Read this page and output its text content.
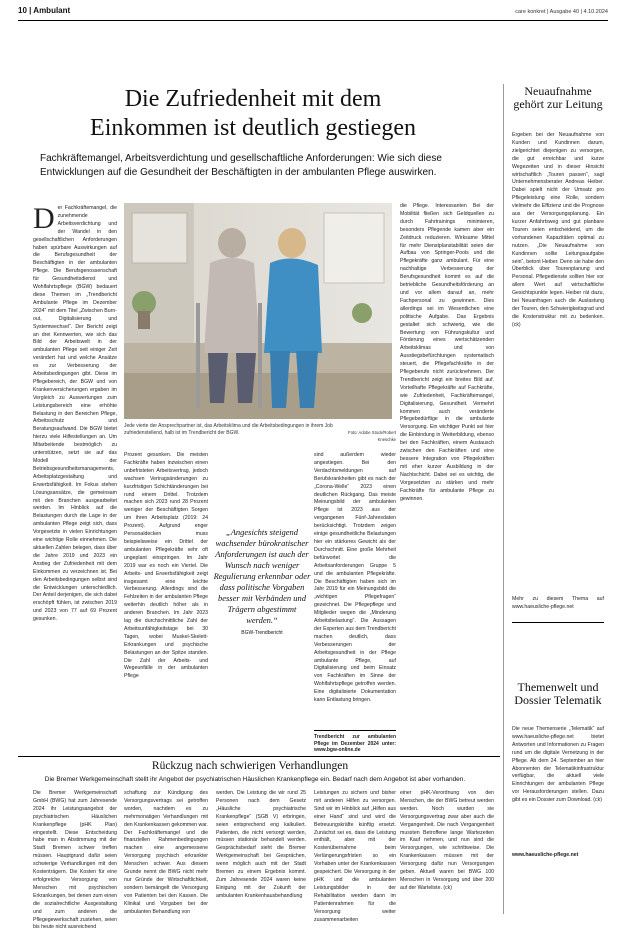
10 | Ambulant	care konkret | Ausgabe 40 | 4.10.2024
Die Zufriedenheit mit dem
Einkommen ist deutlich gestiegen
Fachkräftemangel, Arbeitsverdichtung und gesellschaftliche Anforderungen: Wie sich diese Entwicklungen auf die Gesundheit der Beschäftigten in der ambulanten Pflege auswirken.
Der Fachkräftemangel, die zunehmende Arbeitsverdichtung und der Wandel in den gesellschaftlichen Anforderungen haben spürbare Auswirkungen auf die Berufsgesundheit der Beschäftigten in der ambulanten Pflege. Die Berufsgenossenschaft für Gesundheitsdienst und Wohlfahrtspflege (BGW) bedauert diese Themen im „Trendbericht Ambulante Pflege im Dezember 2024“ mit dem Titel „Zwischen Burn-out, Digitalisierung und Systemwechsel“. Der Bericht zeigt an drei Kennwerten, wie sich das Bild der Arbeitswelt in der ambulanten Pflege seit einiger Zeit verändert hat und welche Ansätze es zur Verbesserung der Arbeitsbedingungen gibt. Diese im Pflegebereich, der BGW und von Krankenversicherungen ergaben im Vergleich zu Auswertungen zum Leistungsbereich eine erhöhte Belastung in den Bereichen Pflege, Arbeitsschutz und Beratungsaufwand. Die BGW bietet hierzu viele Hilfestellungen an. Um Mitarbeitende bestmöglich zu unterstützen, setzt sie auf das Modell der Betriebsgesundheitsmanagements, Arbeitsplatzgestaltung und Erwerbsfähigkeit. Im Fokus stehen Lösungsansätze, die gemeinsam mit den Branchen ausgearbeitet werden. Im Hinblick auf die Belastungen durch die Lage in der ambulanten Pflege zeigt sich, dass Vorgesetzte in vielen Einrichtungen eine wichtige Rolle einnehmen. Die aktuellen Zahlen belegen, dass über die Jahre 2019 und 2023 ein Anstieg der Zufriedenheit mit dem Einkommen zu verzeichnen ist. Bei den Arbeitsbedingungen selbst sind die Entwicklungen unterschiedlich. Der Anteil derjenigen, die sich dabei erschöpft fühlen, ist zwischen 2019 und 2023 von 77 auf 69 Prozent gesunken.
Jede vierte der Ansprechpartner ist, das Arbeitsklima und die Arbeitsbedingungen in ihrem Job zufriedenstellend, halb ist im Trendbericht der BGW.	Foto: Adobe Stock/Robert Kneschke
Prozent gesunken. Die meisten Fachkräfte haben inzwischen einen unbefristeten Arbeitsvertrag, jedoch wachsen Vertragsänderungen zu kurzfristigen Schichtänderungen bei rund einem Drittel. Trotzdem machen sich 2023 rund 28 Prozent weniger der Beschäftigten Sorgen um ihren Arbeitsplatz (2019: 24 Prozent). Aufgrund enger Personaldecken muss beispielsweise ein Drittel der ambulanten Pflegekräfte sehr oft ungeplant einspringen. Im Jahr 2019 war es noch ein Viertel. Die Arbeits- und Erwerbsfähigkeit zeigt insgesamt eine leichte Verbesserung. Allerdings sind die Fehlzeiten in der ambulanten Pflege weiterhin deutlich höher als in anderen Branchen. Im Jahr 2023 lag die durchschnittliche Zahl der Arbeitsunfähigkeitstage bei 30 Tagen, wobei Muskel-Skelett-Erkrankungen und psychische Belastungen an der Spitze standen. Die Zahl der Arbeits- und Wegeunfälle in der ambulanten Pflege
„Angesichts steigend wachsender bürokratischer Anforderungen ist auch der Wunsch nach weniger Regulierung erkennbar oder dass politische Vorgaben besser mit Verbänden und Trägern abgestimmt werden.“
BGW-Trendbericht
sind außerdem wieder angestiegen. Bei den Verdachtsmeldungen auf Berufskrankheiten gibt es nach der „Corona-Welle“ 2023 einen deutlichen Rückgang. Das meiste Meinungsbild der ambulanten Pflege ist 2023 aus der vergangenen Fünf-Jahresdaten berücksichtigt. Trotzdem zeigen einige gesundheitliche Belastungen hier ein stärkeres Gewicht als der Durchschnitt. Eine große Mehrheit befürwortet die Arbeitsanforderungen Gruppe 5 und die ambulanten Pflegekräfte. Die Beschäftigten haben sich im Jahr 2019 für ein Meinungsbild die „wichtigen Pflegefragen“ gezeichnet. Die Pflegepflege und Mitglieder wegen die „Minderung Arbeitsbelastung“. Die Aussagen der Experten aus dem Trendbericht machen deutlich, dass Verbesserungen der Arbeitsgesundheit in der Pflege ambulante Pflege, auf Digitalisierung und beim Einsatz von Fachkräften im Sinne der Wohlfahrtspflege getroffen werden. Eine digitalisierte Dokumentation kann Entlastung bringen.
Trendbericht zur ambulanten Pflege im Dezember 2024 unter: www.bgw-online.de
die Pflege. Interessanten Bei der Mobilität fließen sich Geldquellen zu durch Fahrtrainings minimieren, besonders Pflegende kamen aber ein Zeitdruck reduzieren. Wirksame Mittel für mehr Dienstplanstabilität seien der Aufbau von Springer-Pools und die Pflegekräfte ganz ambulant. Für eine nachhaltige Verbesserung der Berufsgesundheit kommt es auf die betriebliche Gesundheitsförderung an und vor allem darauf an, mehr Fachpersonal zu gewinnen. Dies allerdings sei im Wesentlichen eine politische Aufgabe. Das Ergebnis gestaltet sich schwierig, wie die Bewertung von Führungskultur und Förderung eines wertschätzenden Arbeitsklimas und von Ausstiegsbefürchtungen systematisch steuert, die Pflegefachkräfte in der Pflegeberufe nicht zurücknehmen. Der Trendbericht zeigt ein breites Bild auf. Vorteilhafte Pflegekräfte auf Fachkräfte, wie Zufriedenheit, Fachkräftemangel, Digitalisierung, Gesundheit. Vermehrt kommen auch veränderte Pflegebedürftige in die ambulante Versorgung. Ein wichtiger Punkt sei hier die Einbindung in Weiterbildung, ebenso bei den Fachkräften, einem Austausch zwischen den Fachkräften und eine bessere Integration von Pflegekräften mit eher kurzer Ausbildung in der Nachtschicht. Dabei sei es wichtig, die Vorgesetzten zu stärken und mehr Fachkräfte für ambulante Pflege zu gewinnen.
Neuaufnahme gehört zur Leitung
Ergeben bei der Neuaufnahme von Kunden und Kundinnen darum, zielgerichtet diejenigen zu versorgen, die gut erreichbar und kurze Wegezeiten und in dieser Hinsicht wirtschaftlich „Touren passen“, sagt Unternehmensberater Andreas Heiber. Dabei spielt nicht der Umsatz pro Pflegeleistung eine Rolle, sondern vielmehr die Effizienz und die Prognose aus der Versorgungsplanung. Ein kurzer Anfahrtsweg und gut planbare Touren seien entscheidend, um die vorhandenen Kapazitäten optimal zu nutzen. „Die Neuaufnahme von Kundinnen sollte Leitungsaufgabe sein“, betont Heiber. Denn sie habe den Überblick über Tourenplanung und Personal. Pflegedienste sollten hier vor allem Wert auf wirtschaftliche Gesichtspunkte legen. Heiber rät dazu, bei Neuanfragen auch die Auslastung der Touren, den Schwierigkeitsgrad und die Kostenstruktur mit zu bedenken. (ck)
Mehr zu diesem Thema auf www.haeusliche-pflege.net
Themenwelt und Dossier Telematik
Die neue Themenserie „Telematik“ auf www.haeusliche-pflege.net bietet Antworten und Informationen zu Fragen rund um die digitale Vernetzung in der Pflege. Ab dem 24. September an hier Abonnenten der Telematikinfrastruktur verfügbar, die aktuell viele Einrichtungen der ambulanten Pflege vor Herausforderungen stellen. Dazu gibt es ein Dossier zum Download. (ck)
www.haeusliche-pflege.net
Rückzug nach schwierigen Verhandlungen
Die Bremer Werkgemeinschaft stellt ihr Angebot der psychiatrischen Häuslichen Krankenpflege ein. Bedarf nach dem Angebot ist aber vorhanden.
Die Bremer Werkgemeinschaft GmbH (BWG) hat zum Jahresende 2024 ihr Leistungsangebot der psychiatrischen Häuslichen Krankenpflege (pHK Plan) eingestellt. Diese Entscheidung habe man in Abstimmung mit der Stadt Bremen schwer treffen müssen. Hauptgrund dafür seien schwierige Verhandlungen mit den Kostenträgern. Die Kosten für eine erfolgreiche Versorgung von Menschen mit psychischen Erkrankungen, bei denen zum einen die sozialrechtliche Ausgestaltung und zum anderen die Pflegegewerkschaft zustehen, seien bis heute nicht ausreichend
schaftung zur Kündigung des Versorgungsvertrags sei getroffen worden, nachdem es zu mehrmonatigen Verhandlungen mit den Krankenkassen gekommen war. Der Fachkräftemangel und die finanziellen Rahmenbedingungen machen eine angemessene Versorgung psychisch erkrankter Menschen schwer. Aus diesem Grunde nennt die BWG nicht mehr nur Gründe der Wirtschaftlichkeit, sondern bemängelt die Versorgung von Patienten bei den Kassen. Die Klinikal und Vorgaben bei der ambulanten Behandlung von
werden. Die Leistung die wir rund 25 Personen nach dem Gesetz „Häusliche psychiatrische Krankenpflege“ (SGB V) erbringen, seien entsprechend eng kalkuliert. Patienten, die nicht versorgt werden, müssen stationär behandelt werden. Gesprächsbedarf sieht die Bremer Werkgemeinschaft bei Gesprächen, wenn möglich auch mit der Stadt Bremen zu einem Ergebnis kommt. Zum Jahresende 2024 waren keine Einigung mit der Zukunft der ambulanten Krankenhausbehandlung
Leistungen zu sichern und bisher mit anderen Hilfen zu versorgen. Sind wir im Hinblick auf „Hilfen aus einer Hand“ sind und wird die Betreuungskräfte künftig ersetzt. Zunächst sei es, dass die Leistung enthält, aber mit der Kostenübernahme beim Verlängerungsfristen so ein Vorhaben unter der Krankenkassen gespeichert. Die Versorgung in der pHK und die ambulanten Leistungsbilder in der Rehabilitation werden dann im Patientenrahmen für die Versorgung weiter zusammenarbeiten
einer pHK-Verordnung von den Menschen, die der BWG betreut werden werden. Noch wurden sie Versorgungsvertrag zwar aber auch die Vergangenheit. Die nach Vergangenheit mussten Betroffene lange Wartezeiten im Kauf nehmen, und nun sind die Versorgungen, wie schrittweise. Die Krankenkassen müssen mit der Versorgung dafür nun Versorgungen geben. Aktuell waren bei BWG 100 Menschen in Versorgung und über 200 auf der Warteliste. (ck)
